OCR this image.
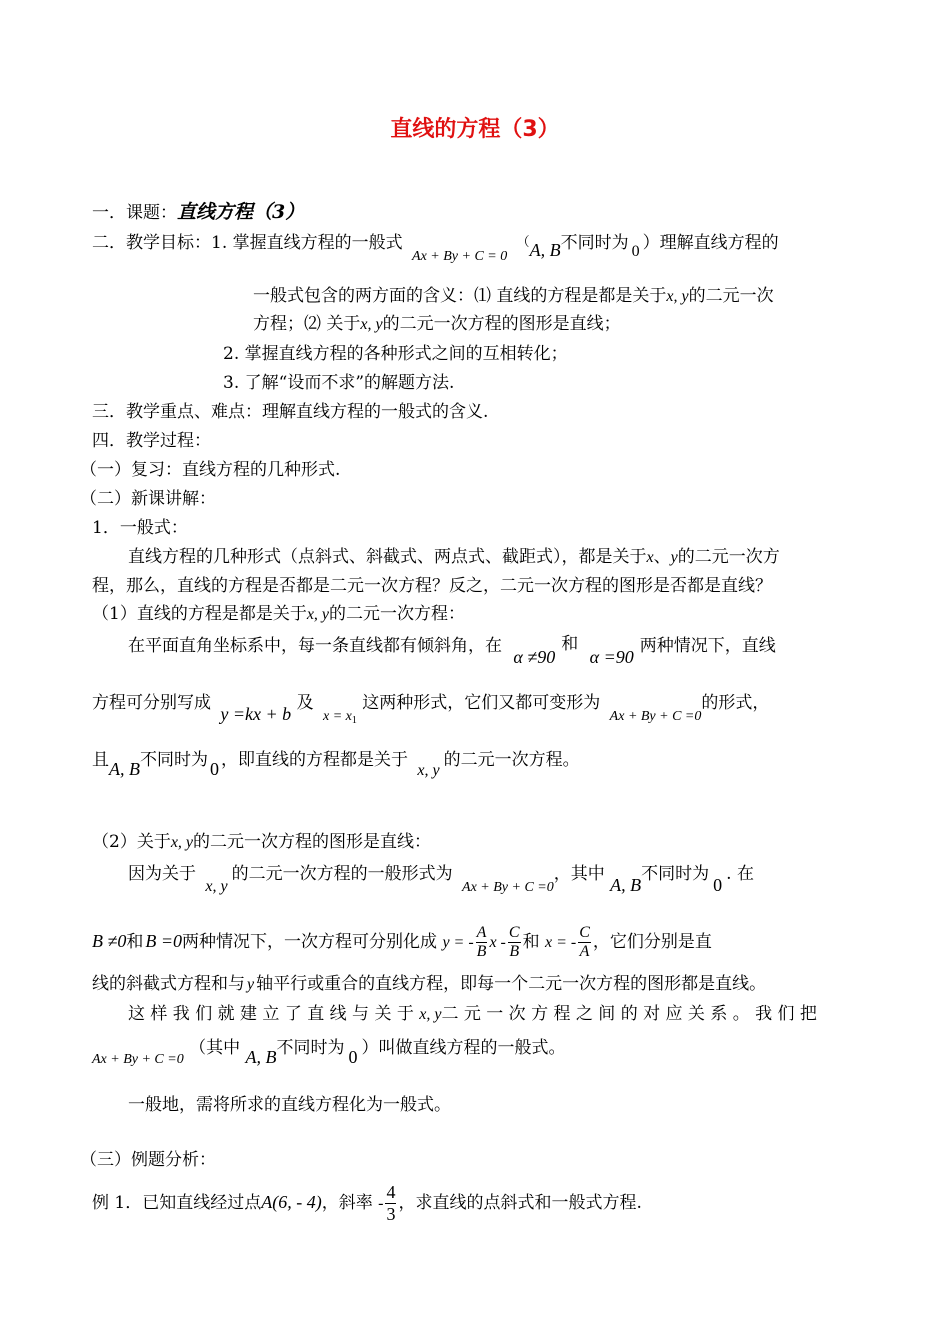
直线的方程（3）
一．课题：直线方程（3）
二．教学目标：1. 掌握直线方程的一般式 $_{Ax + By + C = 0}$ （A, B不同时为 0 ）理解直线方程的
一般式包含的两方面的含义：⑴ 直线的方程是都是关于x, y的二元一次
方程；⑵ 关于x, y的二元一次方程的图形是直线；
2. 掌握直线方程的各种形式之间的互相转化；
3. 了解“设而不求”的解题方法.
三．教学重点、难点：理解直线方程的一般式的含义.
四．教学过程：
（一）复习：直线方程的几种形式.
（二）新课讲解：
1．一般式：
直线方程的几种形式（点斜式、斜截式、两点式、截距式），都是关于x、y的二元一次方
程，那么，直线的方程是否都是二元一次方程？反之，二元一次方程的图形是否都是直线？
（1）直线的方程是都是关于x, y的二元一次方程：
在平面直角坐标系中，每一条直线都有倾斜角，在 α ≠90和 α =90两种情况下，直线
方程可分别写成 y =kx + b 及 $_{x = x_1}$ 这两种形式，它们又都可变形为 $_{Ax + By + C =0}$的形式，
且A, B不同时为 0 ，即直线的方程都是关于 x, y的二元一次方程。
（2）关于x, y的二元一次方程的图形是直线：
因为关于 x, y的二元一次方程的一般形式为 $_{Ax + By + C =0}$，其中 A, B不同时为0. 在
B ≠0和 B =0两种情况下，一次方程可分别化成 y = - $\frac{A}{B}$ x - $\frac{C}{B}$ 和 x = - $\frac{C}{A}$ ，它们分别是直
线的斜截式方程和与 y 轴平行或重合的直线方程，即每一个二元一次方程的图形都是直线。
这 样 我 们 就 建 立 了 直 线 与 关 于 x, y二 元 一 次 方 程 之 间 的 对 应 关 系 。 我 们 把
$_{Ax + By + C =0}$ （其中 A, B不同时为 0 ）叫做直线方程的一般式。
一般地，需将所求的直线方程化为一般式。
（三）例题分析：
例 1．已知直线经过点A(6, - 4)，斜率 - $\frac{4}{3}$ ，求直线的点斜式和一般式方程.
